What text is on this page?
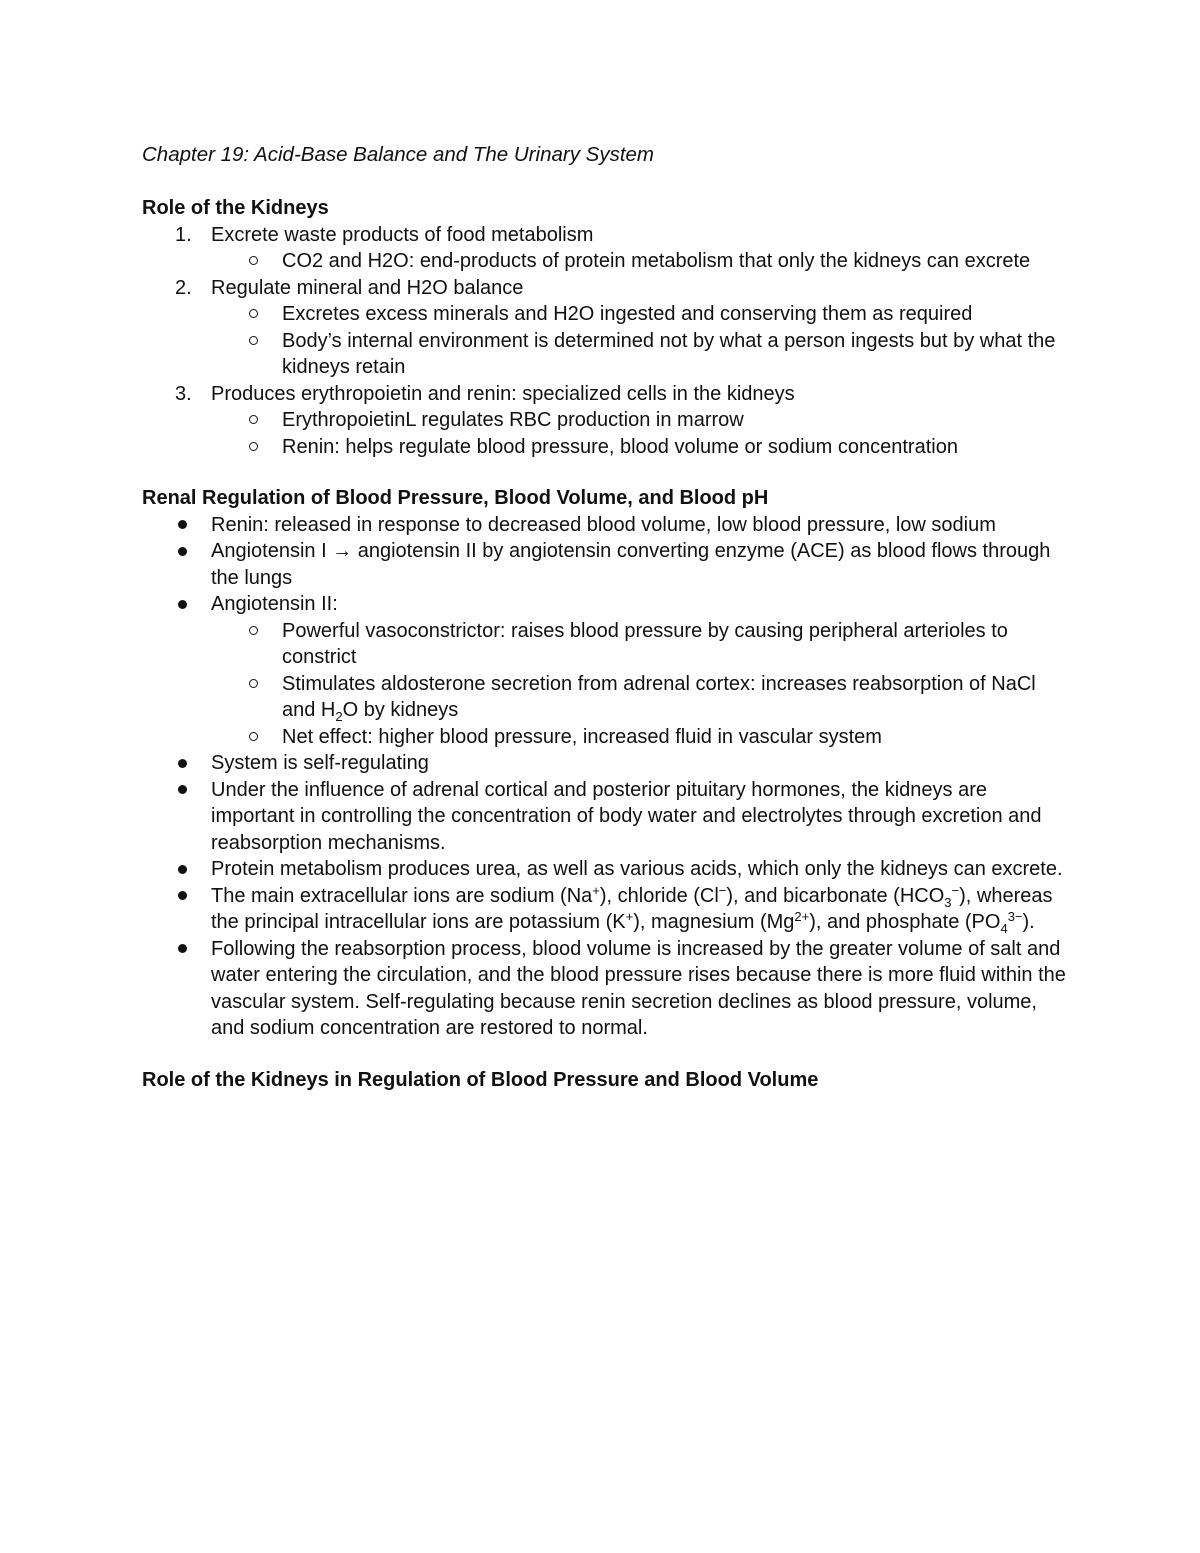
Chapter 19: Acid-Base Balance and The Urinary System

Role of the Kidneys

1. Excrete waste products of food metabolism
CO2 and H2O: end-products of protein metabolism that only the kidneys can excrete
2. Regulate mineral and H2O balance
Excretes excess minerals and H2O ingested and conserving them as required
Body’s internal environment is determined not by what a person ingests but by what the kidneys retain
3. Produces erythropoietin and renin: specialized cells in the kidneys
ErythropoietinL regulates RBC production in marrow
Renin: helps regulate blood pressure, blood volume or sodium concentration

Renal Regulation of Blood Pressure, Blood Volume, and Blood pH

Renin: released in response to decreased blood volume, low blood pressure, low sodium
Angiotensin I → angiotensin II by angiotensin converting enzyme (ACE) as blood flows through the lungs
Angiotensin II:
Powerful vasoconstrictor: raises blood pressure by causing peripheral arterioles to constrict
Stimulates aldosterone secretion from adrenal cortex: increases reabsorption of NaCl and $H_2O$ by kidneys
Net effect: higher blood pressure, increased fluid in vascular system
System is self-regulating
Under the influence of adrenal cortical and posterior pituitary hormones, the kidneys are important in controlling the concentration of body water and electrolytes through excretion and reabsorption mechanisms.
Protein metabolism produces urea, as well as various acids, which only the kidneys can excrete.
The main extracellular ions are sodium (Na+), chloride (Cl−), and bicarbonate $(HCO_3^-)$, whereas the principal intracellular ions are potassium (K+), magnesium $(Mg^{2+})$, and phosphate $(PO_4^{3-})$.
Following the reabsorption process, blood volume is increased by the greater volume of salt and water entering the circulation, and the blood pressure rises because there is more fluid within the vascular system. Self-regulating because renin secretion declines as blood pressure, volume, and sodium concentration are restored to normal.

Role of the Kidneys in Regulation of Blood Pressure and Blood Volume
